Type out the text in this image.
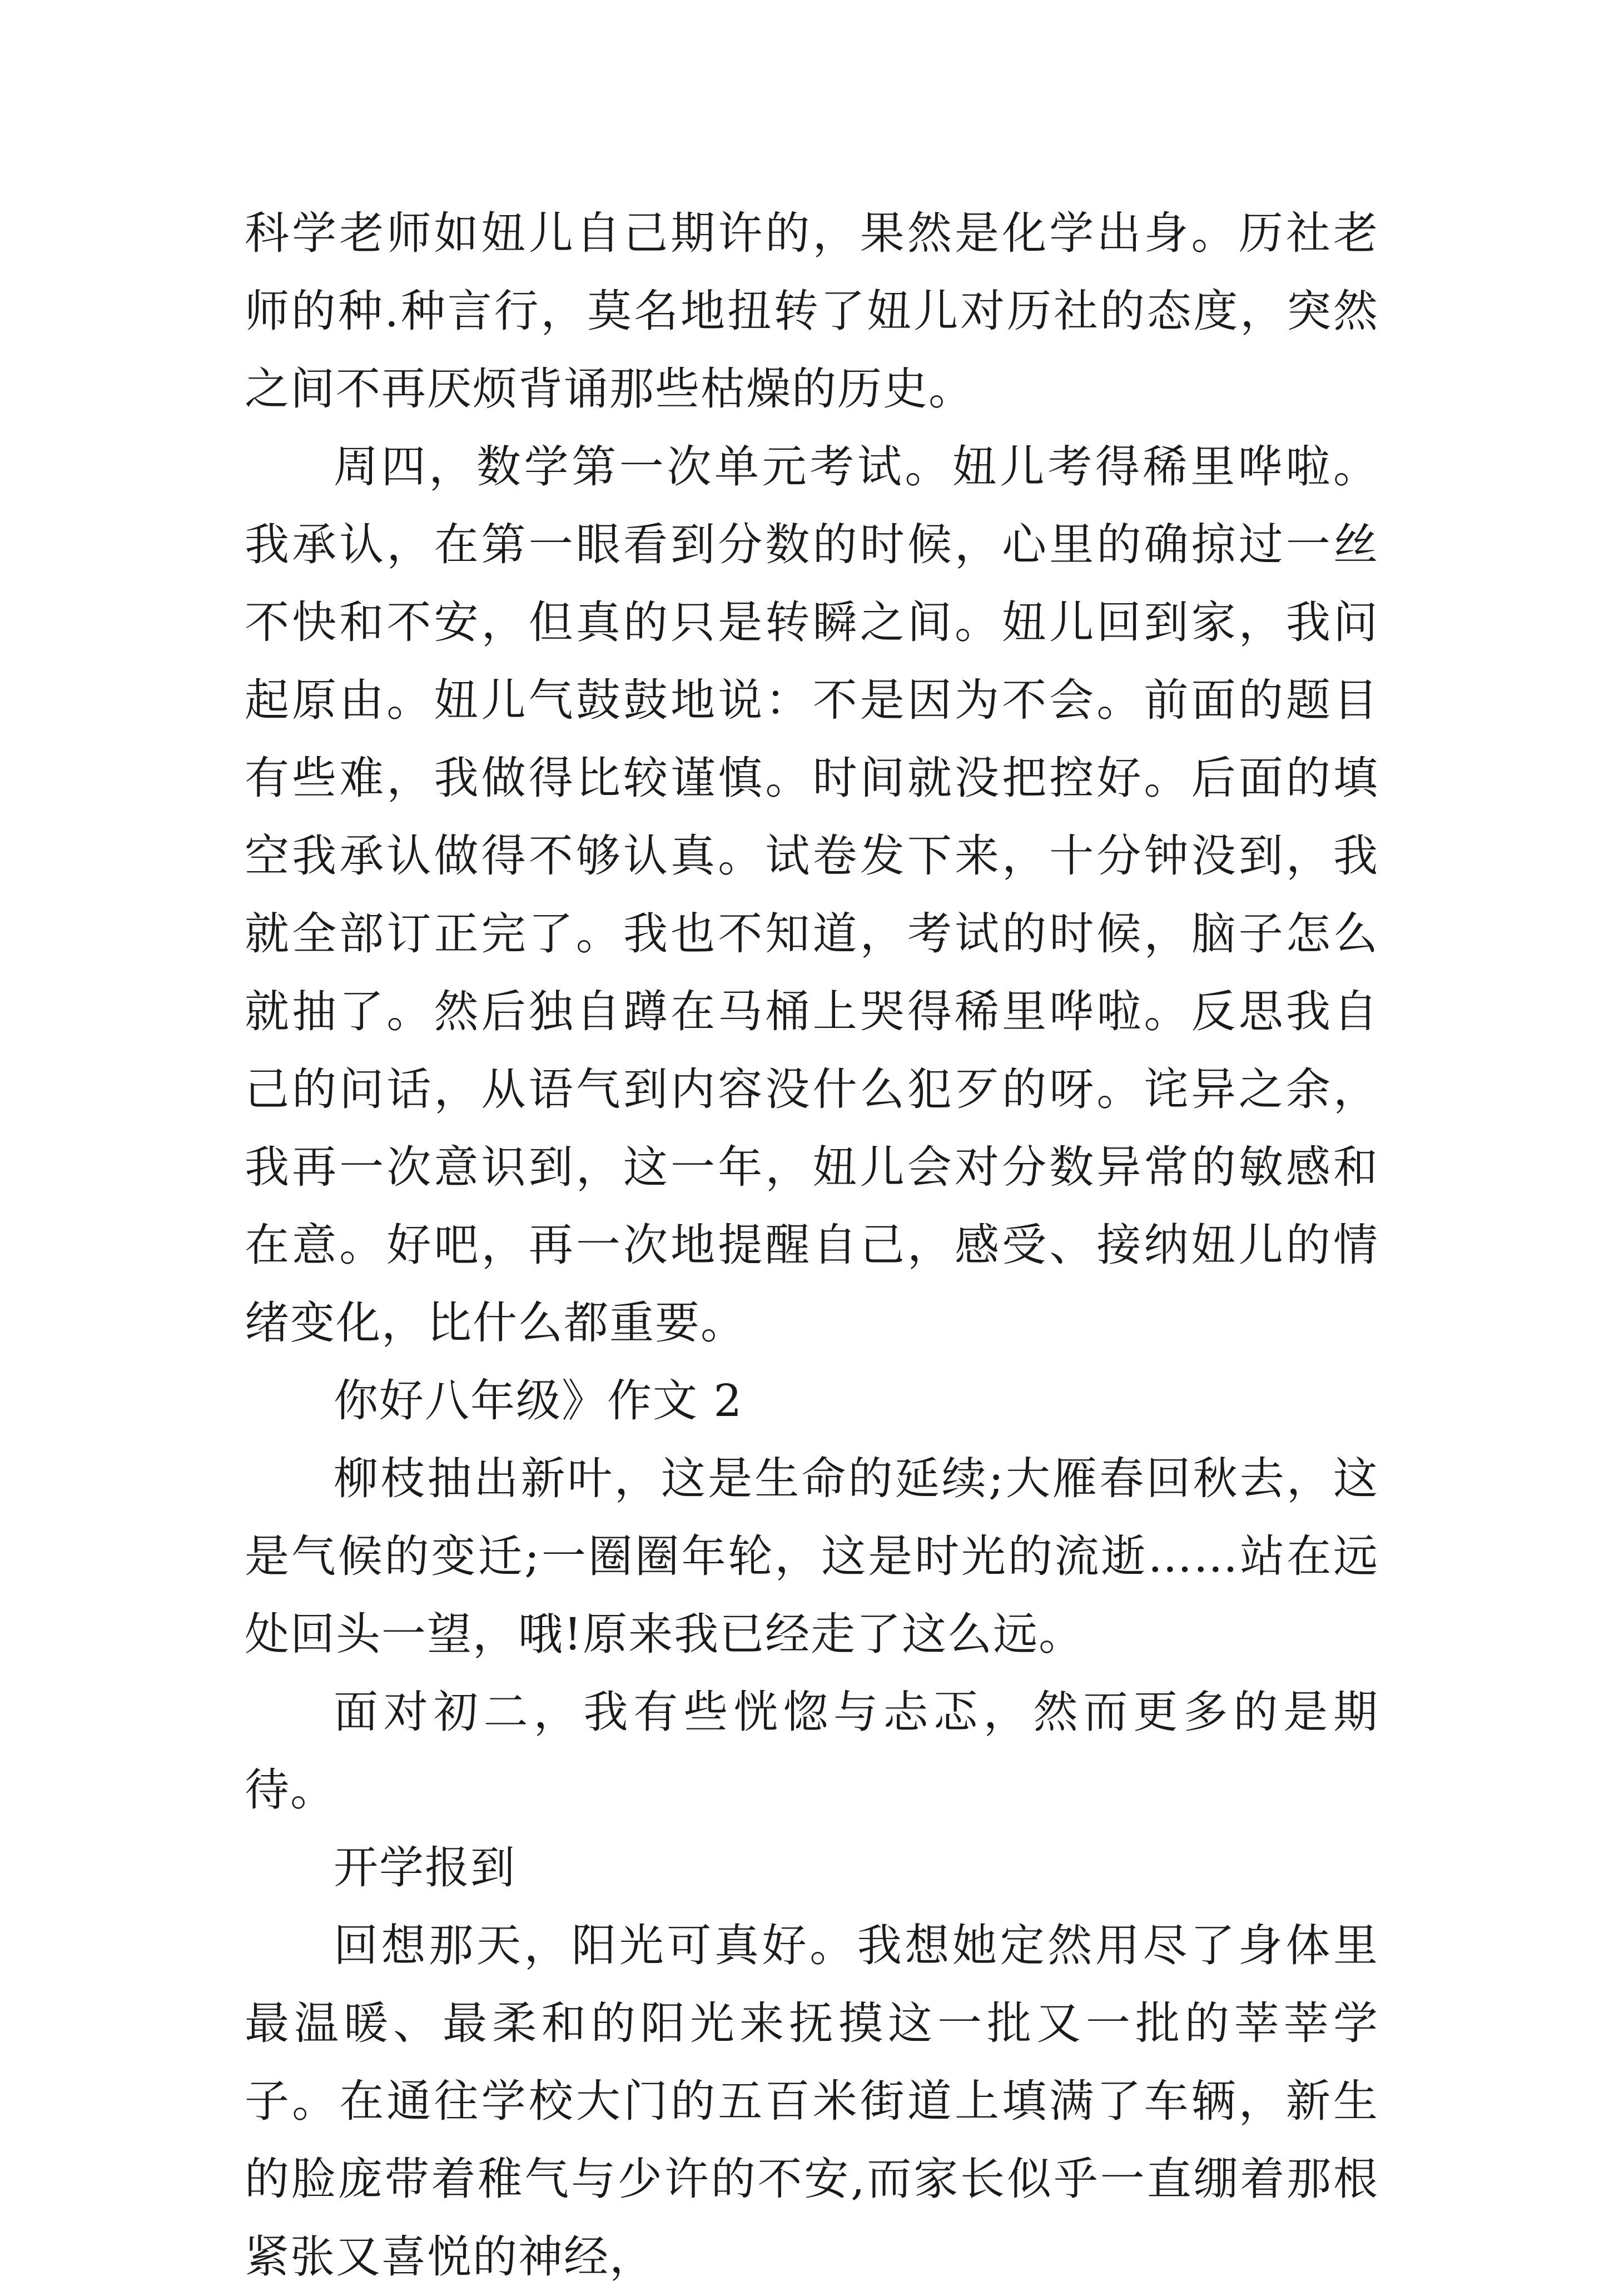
科学老师如妞儿自己期许的，果然是化学出身。历社老师的种.种言行，莫名地扭转了妞儿对历社的态度，突然之间不再厌烦背诵那些枯燥的历史。

周四，数学第一次单元考试。妞儿考得稀里哗啦。我承认，在第一眼看到分数的时候，心里的确掠过一丝不快和不安，但真的只是转瞬之间。妞儿回到家，我问起原由。妞儿气鼓鼓地说：不是因为不会。前面的题目有些难，我做得比较谨慎。时间就没把控好。后面的填空我承认做得不够认真。试卷发下来，十分钟没到，我就全部订正完了。我也不知道，考试的时候，脑子怎么就抽了。然后独自蹲在马桶上哭得稀里哗啦。反思我自己的问话，从语气到内容没什么犯歹的呀。诧异之余，我再一次意识到，这一年，妞儿会对分数异常的敏感和在意。好吧，再一次地提醒自己，感受、接纳妞儿的情绪变化，比什么都重要。

你好八年级》作文 2

柳枝抽出新叶，这是生命的延续;大雁春回秋去，这是气候的变迁;一圈圈年轮，这是时光的流逝……站在远处回头一望，哦!原来我已经走了这么远。

面对初二，我有些恍惚与忐忑，然而更多的是期待。

开学报到

回想那天，阳光可真好。我想她定然用尽了身体里最温暖、最柔和的阳光来抚摸这一批又一批的莘莘学子。在通往学校大门的五百米街道上填满了车辆，新生的脸庞带着稚气与少许的不安,而家长似乎一直绷着那根紧张又喜悦的神经，
